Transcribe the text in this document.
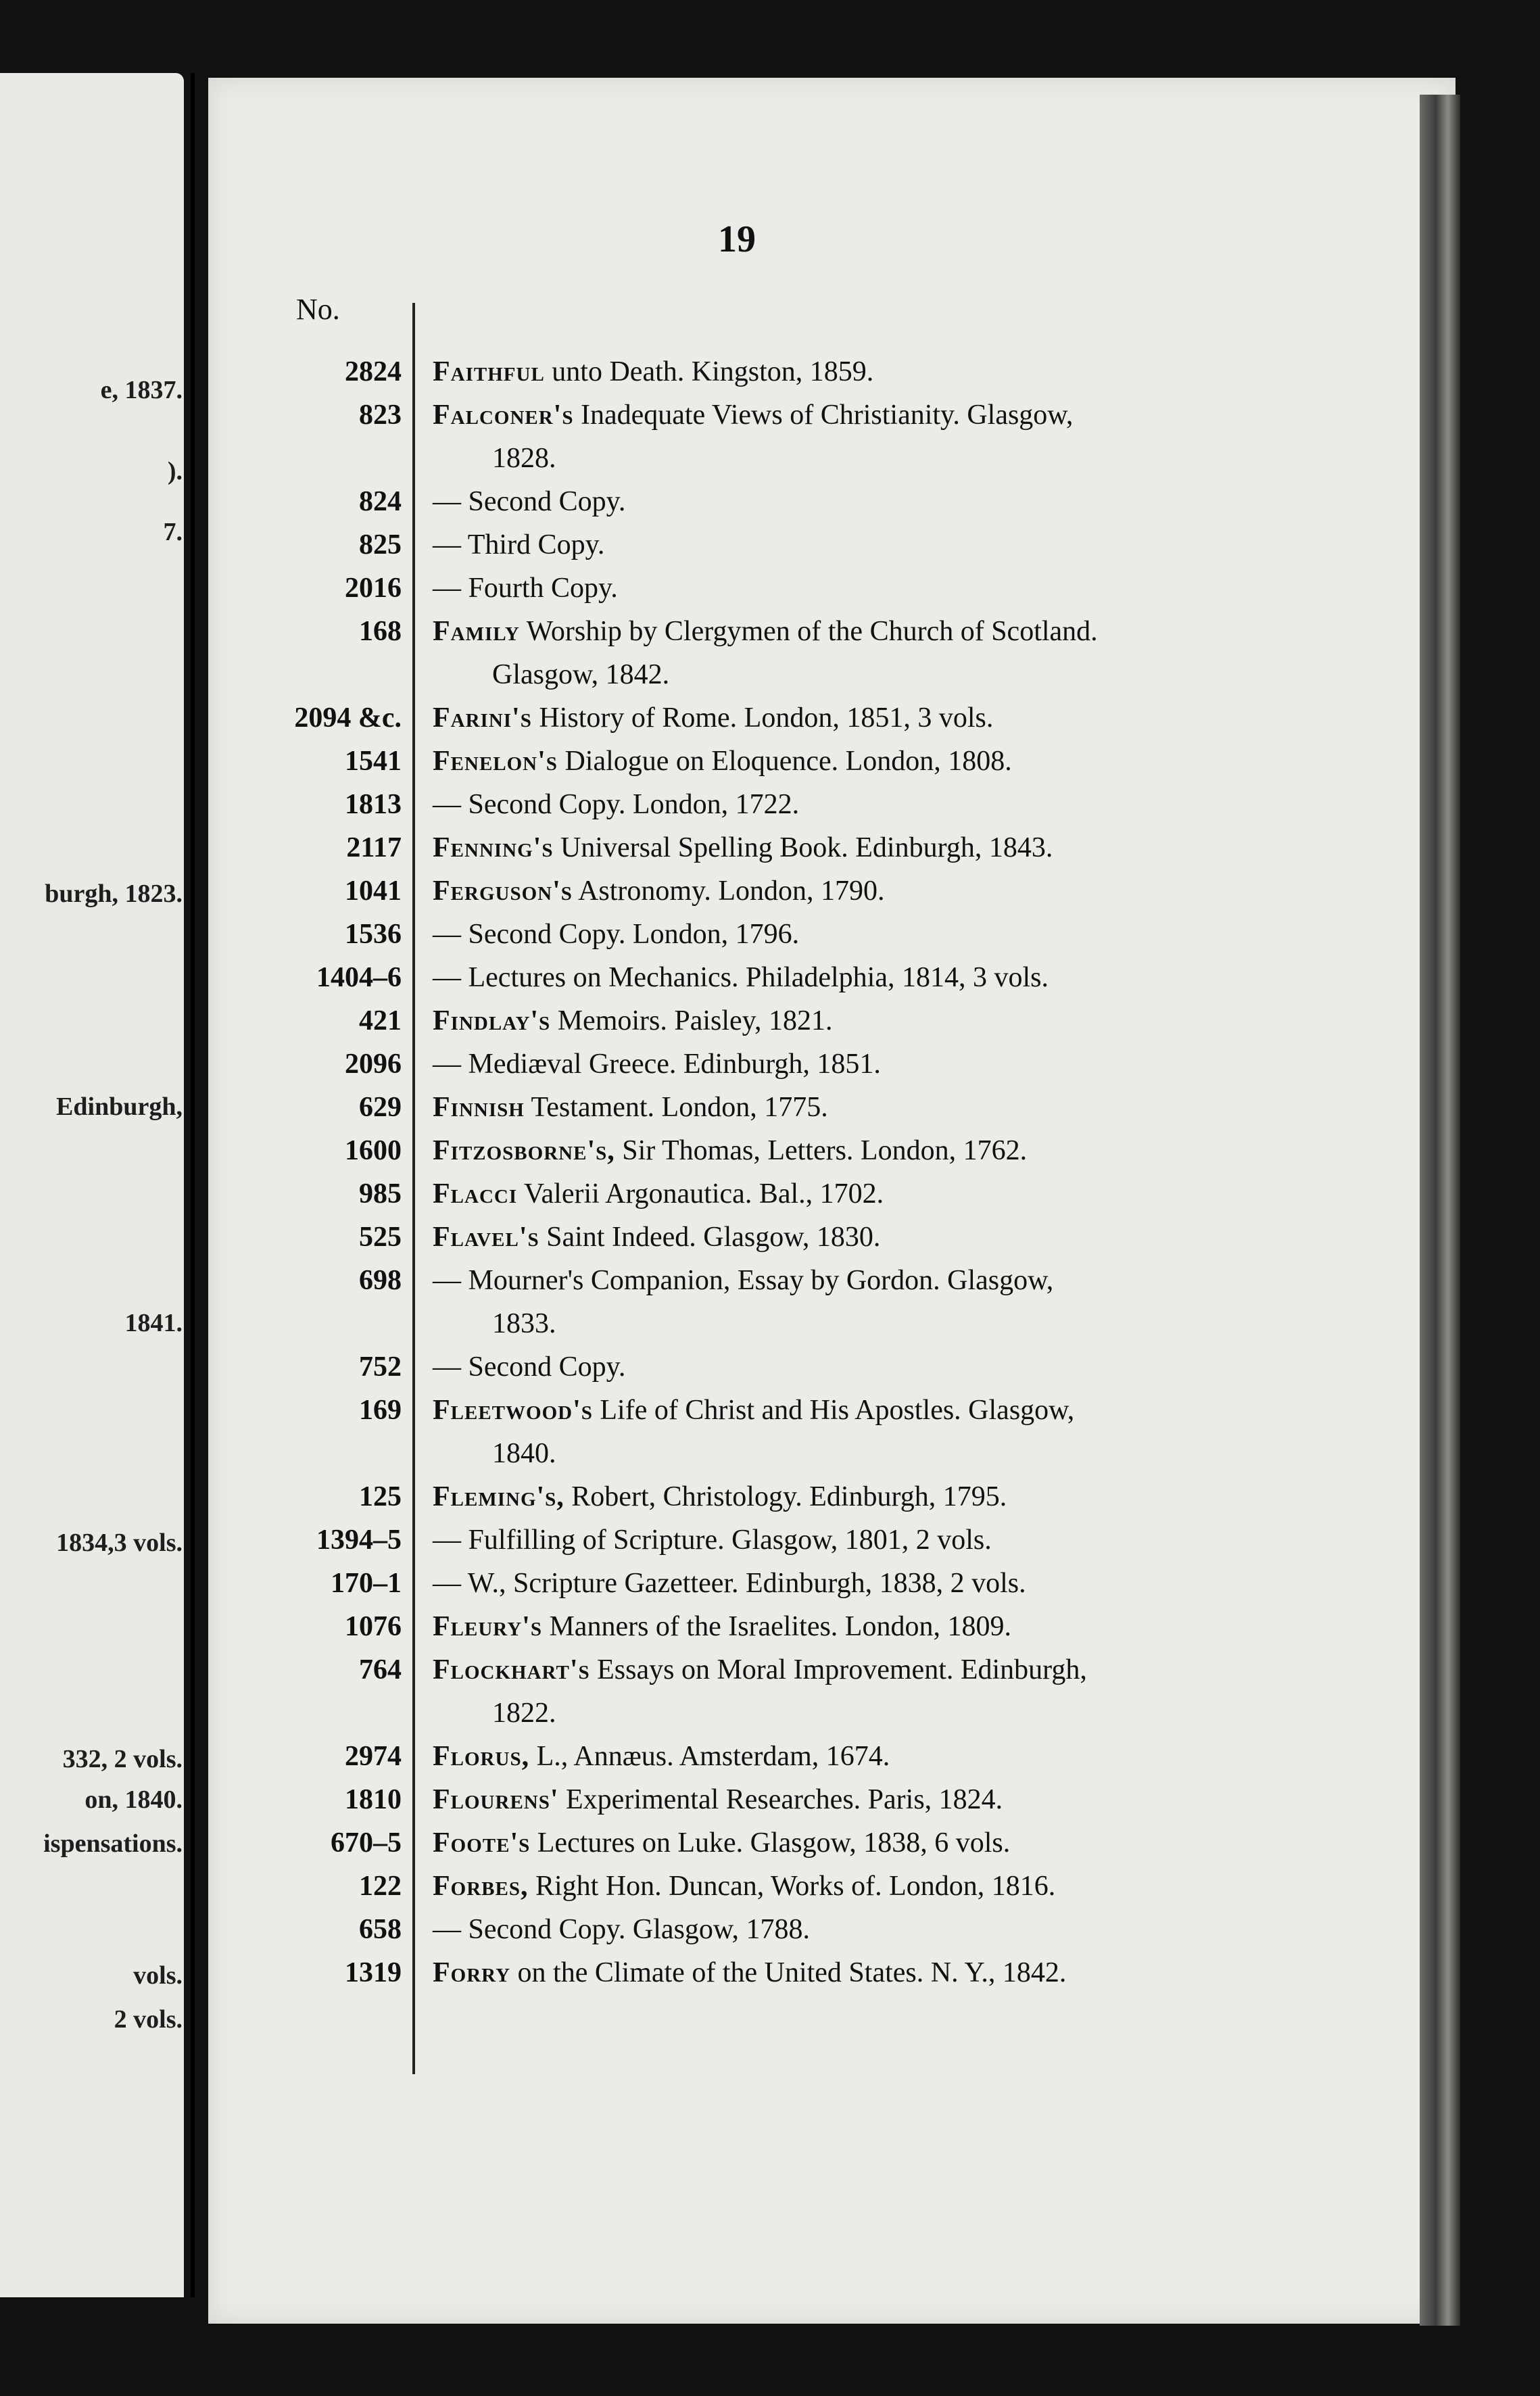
e, 1837.
).
7.
burgh, 1823.
Edinburgh,
1841.
1834,3 vols.
332, 2 vols.
on, 1840.
ispensations.
vols.
2 vols.
19
No.
2824 Faithful unto Death. Kingston, 1859.
823 Falconer's Inadequate Views of Christianity. Glasgow,
1828.
824 — Second Copy.
825 — Third Copy.
2016 — Fourth Copy.
168 Family Worship by Clergymen of the Church of Scotland.
Glasgow, 1842.
2094 &c. Farini's History of Rome. London, 1851, 3 vols.
1541 Fenelon's Dialogue on Eloquence. London, 1808.
1813 — Second Copy. London, 1722.
2117 Fenning's Universal Spelling Book. Edinburgh, 1843.
1041 Ferguson's Astronomy. London, 1790.
1536 — Second Copy. London, 1796.
1404–6 — Lectures on Mechanics. Philadelphia, 1814, 3 vols.
421 Findlay's Memoirs. Paisley, 1821.
2096 — Mediæval Greece. Edinburgh, 1851.
629 Finnish Testament. London, 1775.
1600 Fitzosborne's, Sir Thomas, Letters. London, 1762.
985 Flacci Valerii Argonautica. Bal., 1702.
525 Flavel's Saint Indeed. Glasgow, 1830.
698 — Mourner's Companion, Essay by Gordon. Glasgow,
1833.
752 — Second Copy.
169 Fleetwood's Life of Christ and His Apostles. Glasgow,
1840.
125 Fleming's, Robert, Christology. Edinburgh, 1795.
1394–5 — Fulfilling of Scripture. Glasgow, 1801, 2 vols.
170–1 — W., Scripture Gazetteer. Edinburgh, 1838, 2 vols.
1076 Fleury's Manners of the Israelites. London, 1809.
764 Flockhart's Essays on Moral Improvement. Edinburgh,
1822.
2974 Florus, L., Annæus. Amsterdam, 1674.
1810 Flourens' Experimental Researches. Paris, 1824.
670–5 Foote's Lectures on Luke. Glasgow, 1838, 6 vols.
122 Forbes, Right Hon. Duncan, Works of. London, 1816.
658 — Second Copy. Glasgow, 1788.
1319 Forry on the Climate of the United States. N. Y., 1842.
